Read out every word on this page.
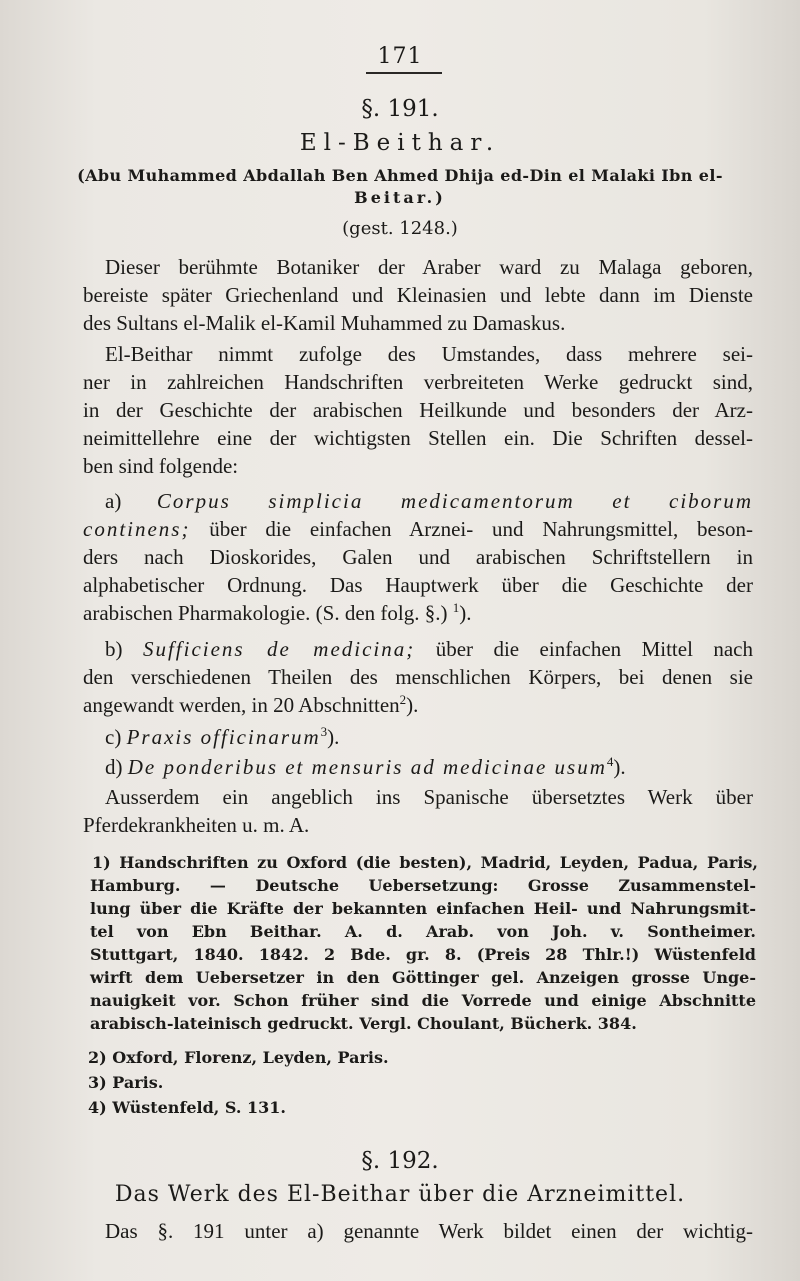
171
§. 191.
El-Beithar.
(Abu Muhammed Abdallah Ben Ahmed Dhija ed-Din el Malaki Ibn el-
Beitar.)
(gest. 1248.)
Dieser berühmte Botaniker der Araber ward zu Malaga geboren,
bereiste später Griechenland und Kleinasien und lebte dann im Dienste
des Sultans el-Malik el-Kamil Muhammed zu Damaskus.
El-Beithar nimmt zufolge des Umstandes, dass mehrere sei-
ner in zahlreichen Handschriften verbreiteten Werke gedruckt sind,
in der Geschichte der arabischen Heilkunde und besonders der Arz-
neimittellehre eine der wichtigsten Stellen ein. Die Schriften dessel-
ben sind folgende:
a) Corpus simplicia medicamentorum et ciborum
continens; über die einfachen Arznei- und Nahrungsmittel, beson-
ders nach Dioskorides, Galen und arabischen Schriftstellern in
alphabetischer Ordnung. Das Hauptwerk über die Geschichte der
arabischen Pharmakologie. (S. den folg. §.) $^1$).
b) Sufficiens de medicina; über die einfachen Mittel nach
den verschiedenen Theilen des menschlichen Körpers, bei denen sie
angewandt werden, in 20 Abschnitten$^2$).
c) Praxis officinarum$^3$).
d) De ponderibus et mensuris ad medicinae usum$^4$).
Ausserdem ein angeblich ins Spanische übersetztes Werk über
Pferdekrankheiten u. m. A.
1) Handschriften zu Oxford (die besten), Madrid, Leyden, Padua, Paris,
Hamburg. — Deutsche Uebersetzung: Grosse Zusammenstel-
lung über die Kräfte der bekannten einfachen Heil- und Nahrungsmit-
tel von Ebn Beithar. A. d. Arab. von Joh. v. Sontheimer.
Stuttgart, 1840. 1842. 2 Bde. gr. 8. (Preis 28 Thlr.!) Wüstenfeld
wirft dem Uebersetzer in den Göttinger gel. Anzeigen grosse Unge-
nauigkeit vor. Schon früher sind die Vorrede und einige Abschnitte
arabisch-lateinisch gedruckt. Vergl. Choulant, Bücherk. 384.
2) Oxford, Florenz, Leyden, Paris.
3) Paris.
4) Wüstenfeld, S. 131.
§. 192.
Das Werk des El-Beithar über die Arzneimittel.
Das §. 191 unter a) genannte Werk bildet einen der wichtig-
